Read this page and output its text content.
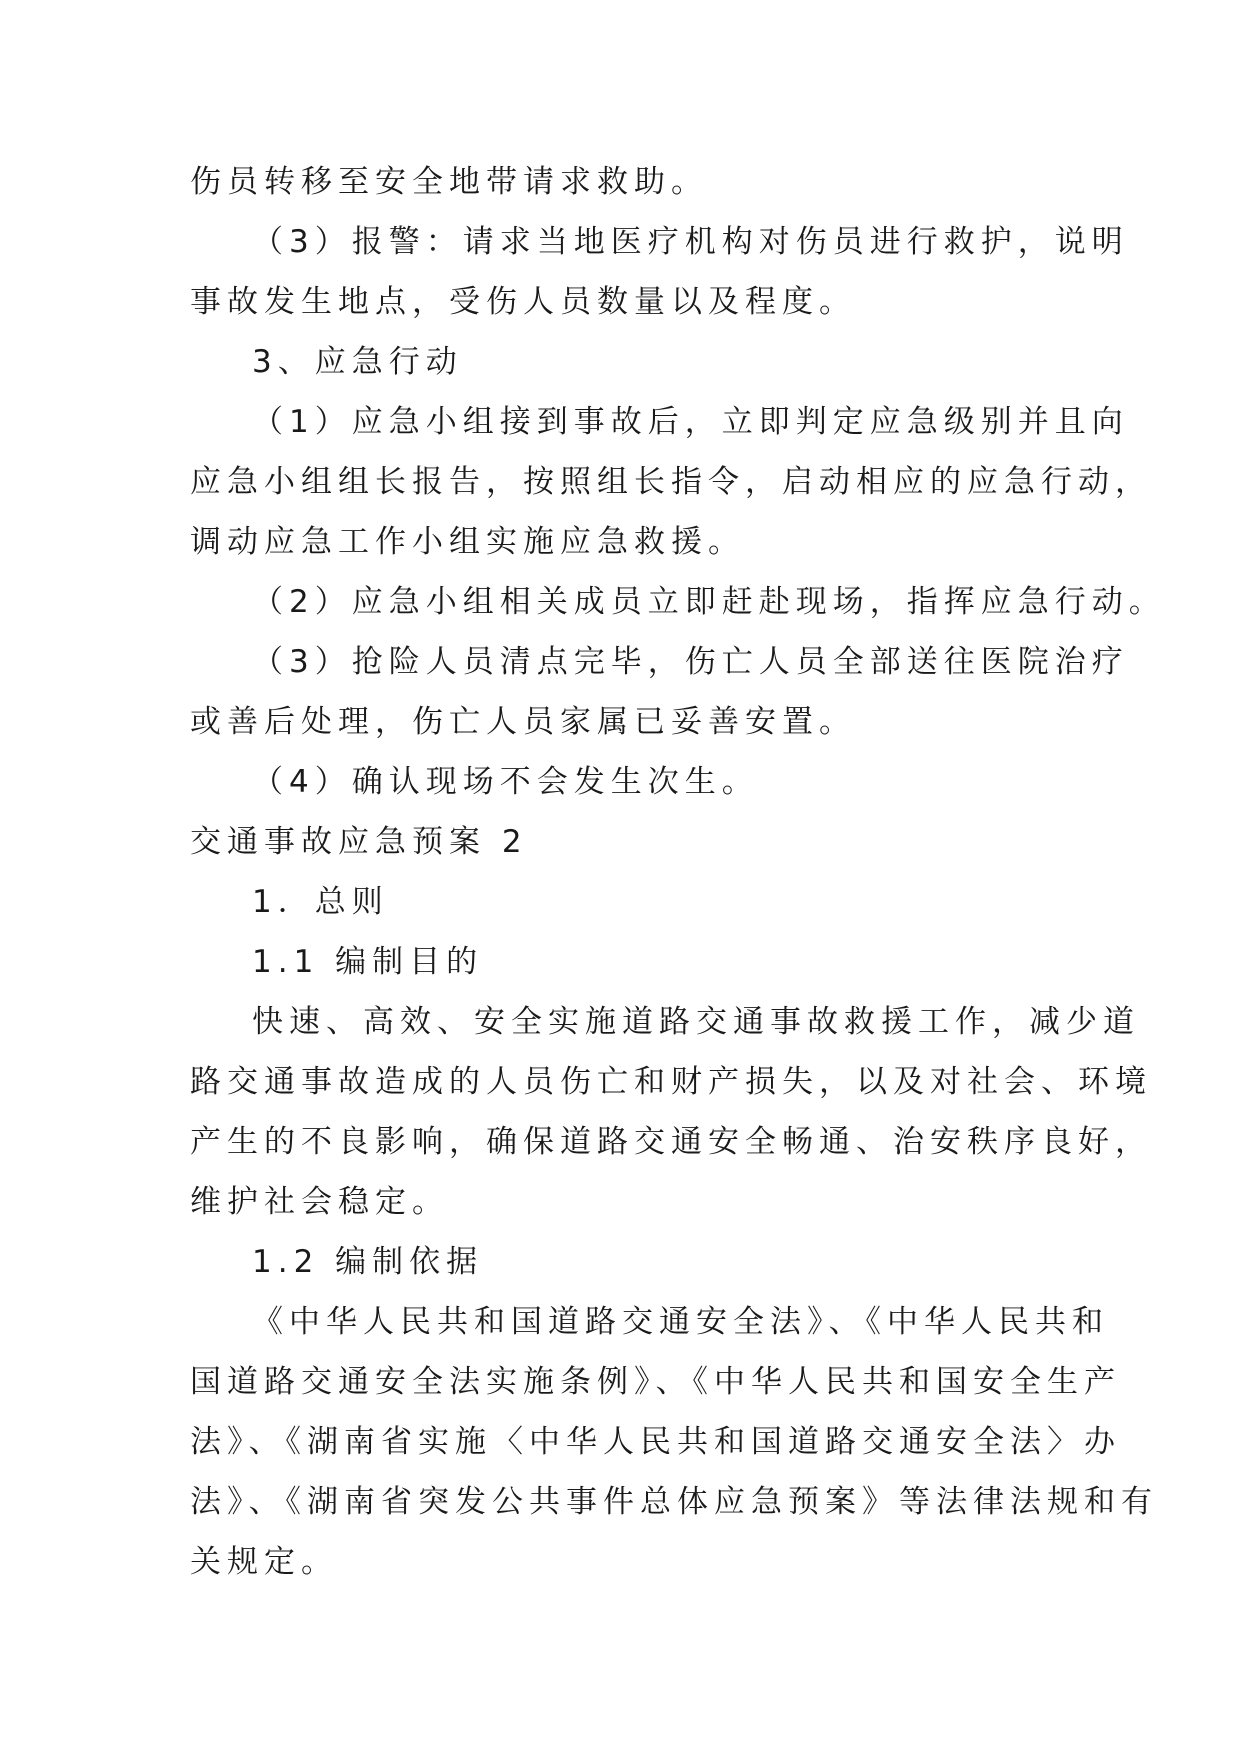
伤员转移至安全地带请求救助。
（3）报警：请求当地医疗机构对伤员进行救护，说明
事故发生地点，受伤人员数量以及程度。
3、应急行动
（1）应急小组接到事故后，立即判定应急级别并且向
应急小组组长报告，按照组长指令，启动相应的应急行动，
调动应急工作小组实施应急救援。
（2）应急小组相关成员立即赶赴现场，指挥应急行动。
（3）抢险人员清点完毕，伤亡人员全部送往医院治疗
或善后处理，伤亡人员家属已妥善安置。
（4）确认现场不会发生次生。
交通事故应急预案 2
1．总则
1.1 编制目的
快速、高效、安全实施道路交通事故救援工作，减少道
路交通事故造成的人员伤亡和财产损失，以及对社会、环境
产生的不良影响，确保道路交通安全畅通、治安秩序良好，
维护社会稳定。
1.2 编制依据
《中华人民共和国道路交通安全法》、《中华人民共和
国道路交通安全法实施条例》、《中华人民共和国安全生产
法》、《湖南省实施〈中华人民共和国道路交通安全法〉办
法》、《湖南省突发公共事件总体应急预案》等法律法规和有
关规定。
